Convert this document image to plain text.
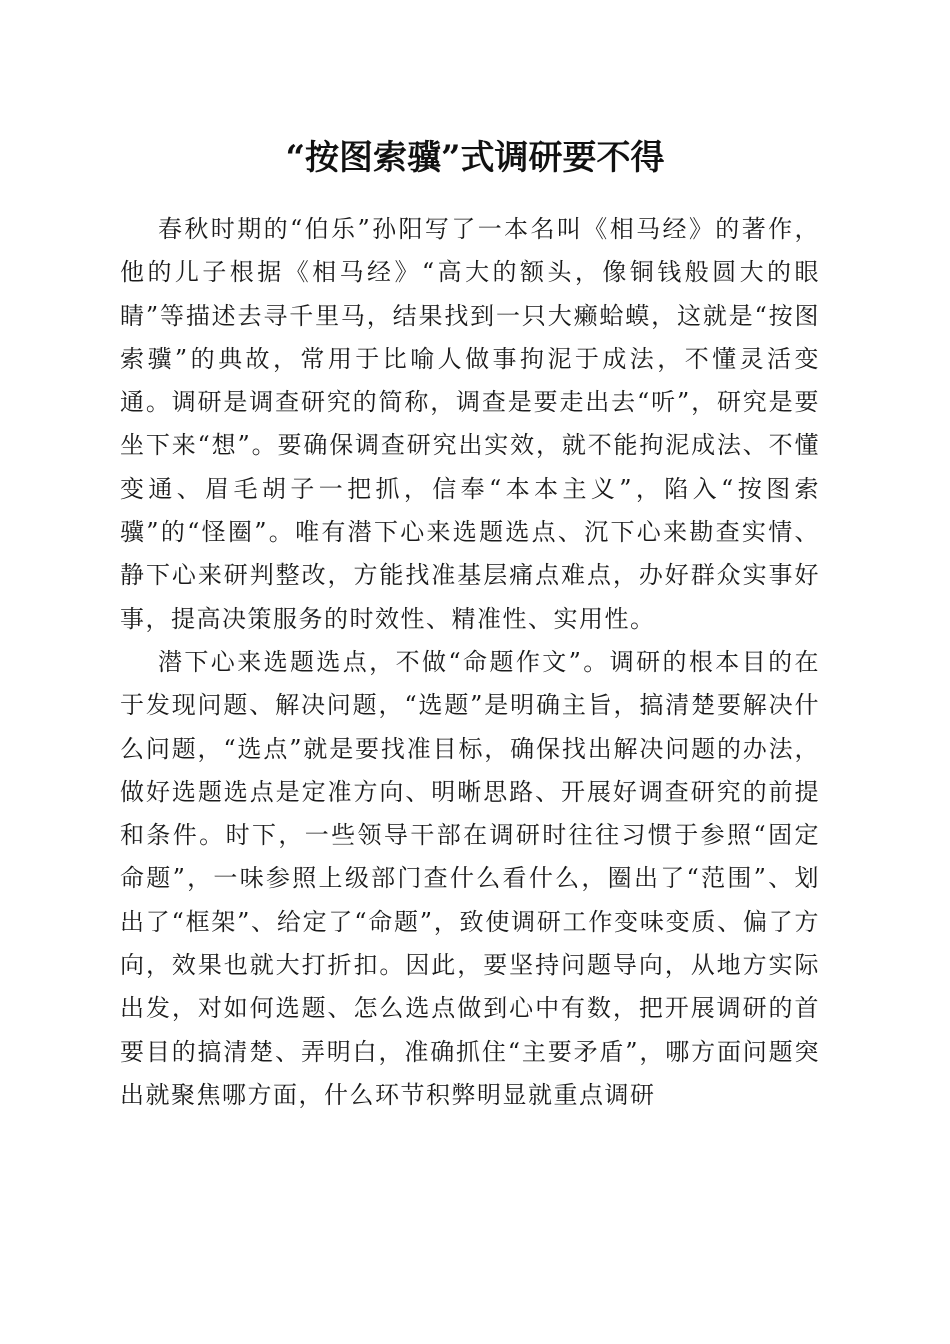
“按图索骥”式调研要不得

春秋时期的“伯乐”孙阳写了一本名叫《相马经》的著作，他的儿子根据《相马经》“高大的额头，像铜钱般圆大的眼睛”等描述去寻千里马，结果找到一只大癞蛤蟆，这就是“按图索骥”的典故，常用于比喻人做事拘泥于成法，不懂灵活变通。调研是调查研究的简称，调查是要走出去“听”，研究是要坐下来“想”。要确保调查研究出实效，就不能拘泥成法、不懂变通、眉毛胡子一把抓，信奉“本本主义”，陷入“按图索骥”的“怪圈”。唯有潜下心来选题选点、沉下心来勘查实情、静下心来研判整改，方能找准基层痛点难点，办好群众实事好事，提高决策服务的时效性、精准性、实用性。

潜下心来选题选点，不做“命题作文”。调研的根本目的在于发现问题、解决问题，“选题”是明确主旨，搞清楚要解决什么问题，“选点”就是要找准目标，确保找出解决问题的办法，做好选题选点是定准方向、明晰思路、开展好调查研究的前提和条件。时下，一些领导干部在调研时往往习惯于参照“固定命题”，一味参照上级部门查什么看什么，圈出了“范围”、划出了“框架”、给定了“命题”，致使调研工作变味变质、偏了方向，效果也就大打折扣。因此，要坚持问题导向，从地方实际出发，对如何选题、怎么选点做到心中有数，把开展调研的首要目的搞清楚、弄明白，准确抓住“主要矛盾”，哪方面问题突出就聚焦哪方面，什么环节积弊明显就重点调研
